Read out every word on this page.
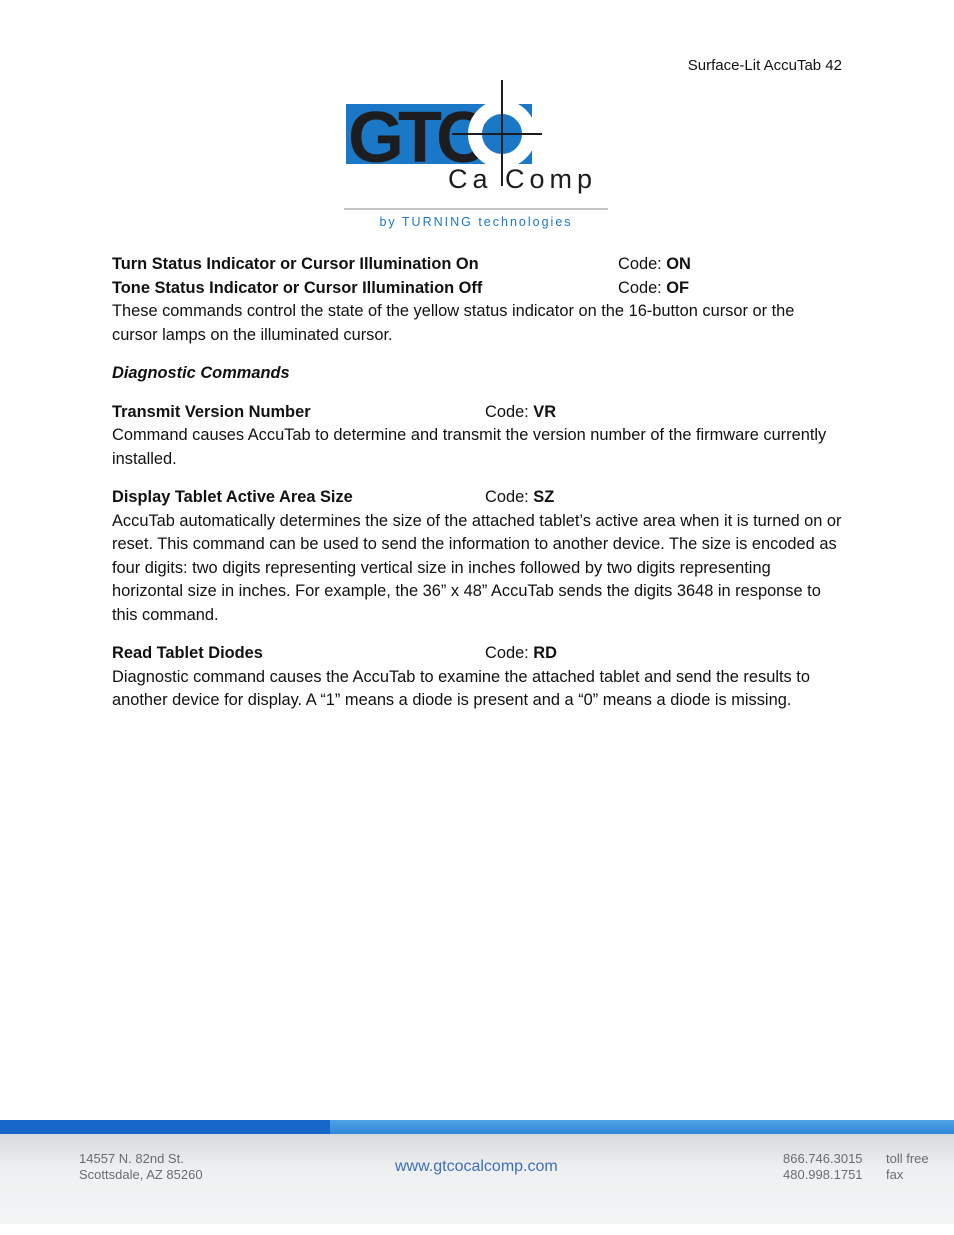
Surface-Lit AccuTab 42
GTC
Ca Comp
by TURNING technologies
Turn Status Indicator or Cursor Illumination On	Code: ON
Tone Status Indicator or Cursor Illumination Off	Code: OF

These commands control the state of the yellow status indicator on the 16-button cursor or the cursor lamps on the illuminated cursor.

Diagnostic Commands

Transmit Version Number	Code: VR

Command causes AccuTab to determine and transmit the version number of the firmware currently installed.

Display Tablet Active Area Size	Code: SZ

AccuTab automatically determines the size of the attached tablet’s active area when it is turned on or reset. This command can be used to send the information to another device. The size is encoded as four digits: two digits representing vertical size in inches followed by two digits representing horizontal size in inches. For example, the 36” x 48” AccuTab sends the digits 3648 in response to this command.

Read Tablet Diodes	Code: RD

Diagnostic command causes the AccuTab to examine the attached tablet and send the results to another device for display. A “1” means a diode is present and a “0” means a diode is missing.

14557 N. 82nd St.
Scottsdale, AZ 85260	www.gtcocalcomp.com	866.746.3015
480.998.1751
toll free
fax
